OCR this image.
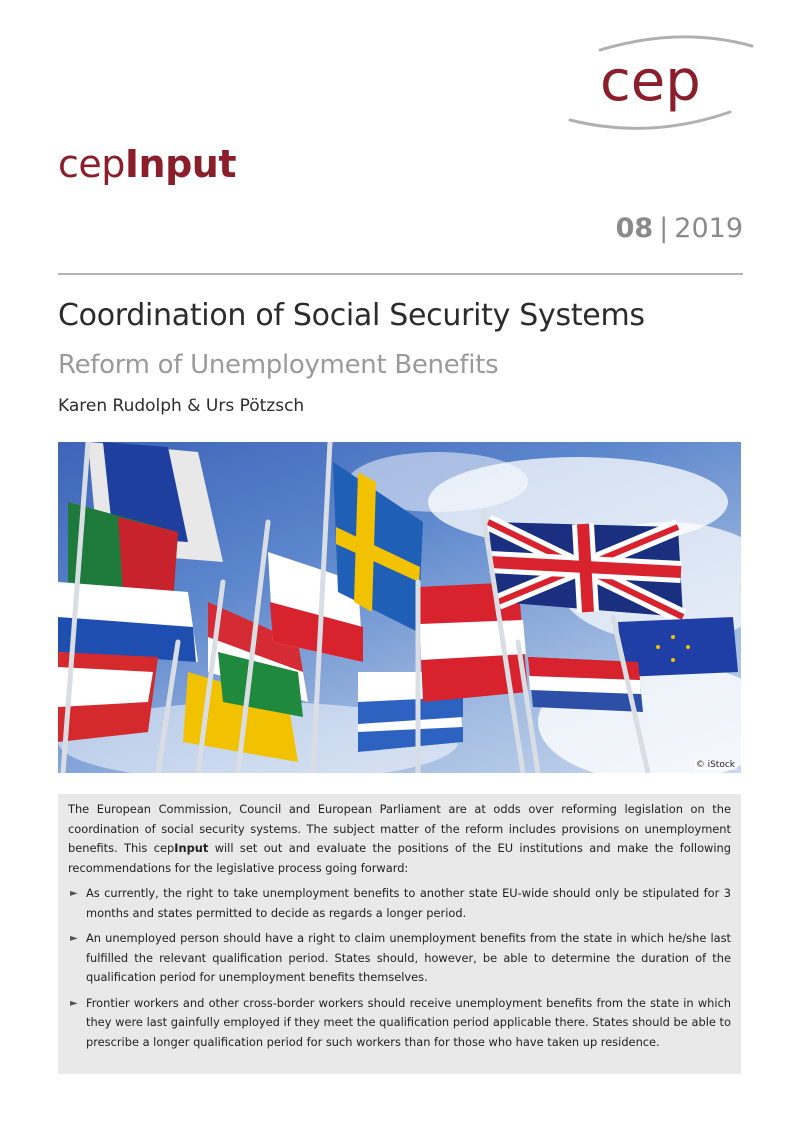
cep
cepInput
08 | 2019
Coordination of Social Security Systems
Reform of Unemployment Benefits
Karen Rudolph & Urs Pötzsch
© iStock

The European Commission, Council and European Parliament are at odds over reforming legislation on the coordination of social security systems. The subject matter of the reform includes provisions on unemployment benefits. This cepInput will set out and evaluate the positions of the EU institutions and make the following recommendations for the legislative process going forward:

► As currently, the right to take unemployment benefits to another state EU-wide should only be stipulated for 3 months and states permitted to decide as regards a longer period.
► An unemployed person should have a right to claim unemployment benefits from the state in which he/she last fulfilled the relevant qualification period. States should, however, be able to determine the duration of the qualification period for unemployment benefits themselves.
► Frontier workers and other cross-border workers should receive unemployment benefits from the state in which they were last gainfully employed if they meet the qualification period applicable there. States should be able to prescribe a longer qualification period for such workers than for those who have taken up residence.
